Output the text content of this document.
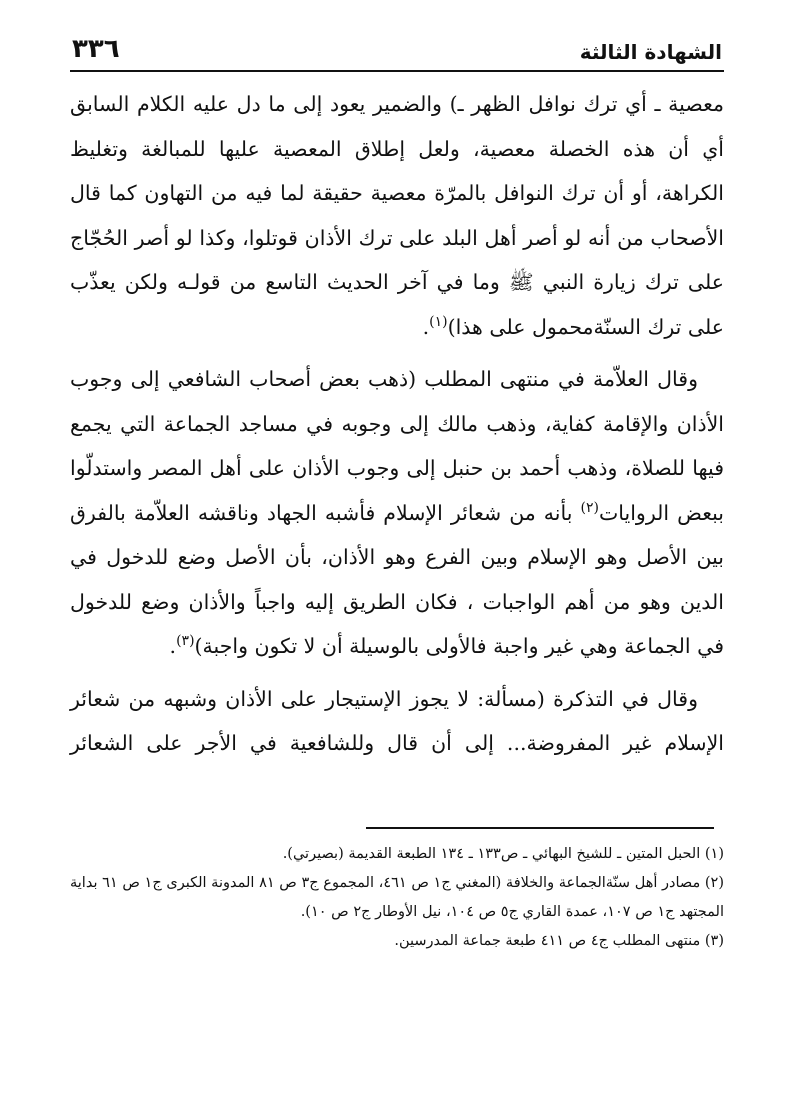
الشهادة الثالثة
٣٣٦

معصية ـ أي ترك نوافل الظهر ـ) والضمير يعود إلى ما دل عليه الكلام السابق أي أن هذه الخصلة معصية، ولعل إطلاق المعصية عليها للمبالغة وتغليظ الكراهة، أو أن ترك النوافل بالمرّة معصية حقيقة لما فيه من التهاون كما قال الأصحاب من أنه لو أصر أهل البلد على ترك الأذان قوتلوا، وكذا لو أصر الحُجّاج على ترك زيارة النبي ﷺ وما في آخر الحديث التاسع من قولـه ولكن يعذّب على ترك السنّةمحمول على هذا)$^{(١)}$.

وقال العلاّمة في منتهى المطلب (ذهب بعض أصحاب الشافعي إلى وجوب الأذان والإقامة كفاية، وذهب مالك إلى وجوبه في مساجد الجماعة التي يجمع فيها للصلاة، وذهب أحمد بن حنبل إلى وجوب الأذان على أهل المصر واستدلّوا ببعض الروايات$^{(٢)}$ بأنه من شعائر الإسلام فأشبه الجهاد وناقشه العلاّمة بالفرق بين الأصل وهو الإسلام وبين الفرع وهو الأذان، بأن الأصل وضع للدخول في الدين وهو من أهم الواجبات ، فكان الطريق إليه واجباً والأذان وضع للدخول في الجماعة وهي غير واجبة فالأولى بالوسيلة أن لا تكون واجبة)$^{(٣)}$.

وقال في التذكرة (مسألة: لا يجوز الإستيجار على الأذان وشبهه من شعائر الإسلام غير المفروضة... إلى أن قال وللشافعية في الأجر على الشعائر

(١) الحبل المتين ـ للشيخ البهائي ـ ص١٣٣ ـ ١٣٤ الطبعة القديمة (بصيرتي).

(٢) مصادر أهل سنّةالجماعة والخلافة (المغني ج١ ص ٤٦١، المجموع ج٣ ص ٨١ المدونة الكبرى ج١ ص ٦١ بداية المجتهد ج١ ص ١٠٧، عمدة القاري ج٥ ص ١٠٤، نيل الأوطار ج٢ ص ١٠).

(٣) منتهى المطلب ج٤ ص ٤١١ طبعة جماعة المدرسين.
